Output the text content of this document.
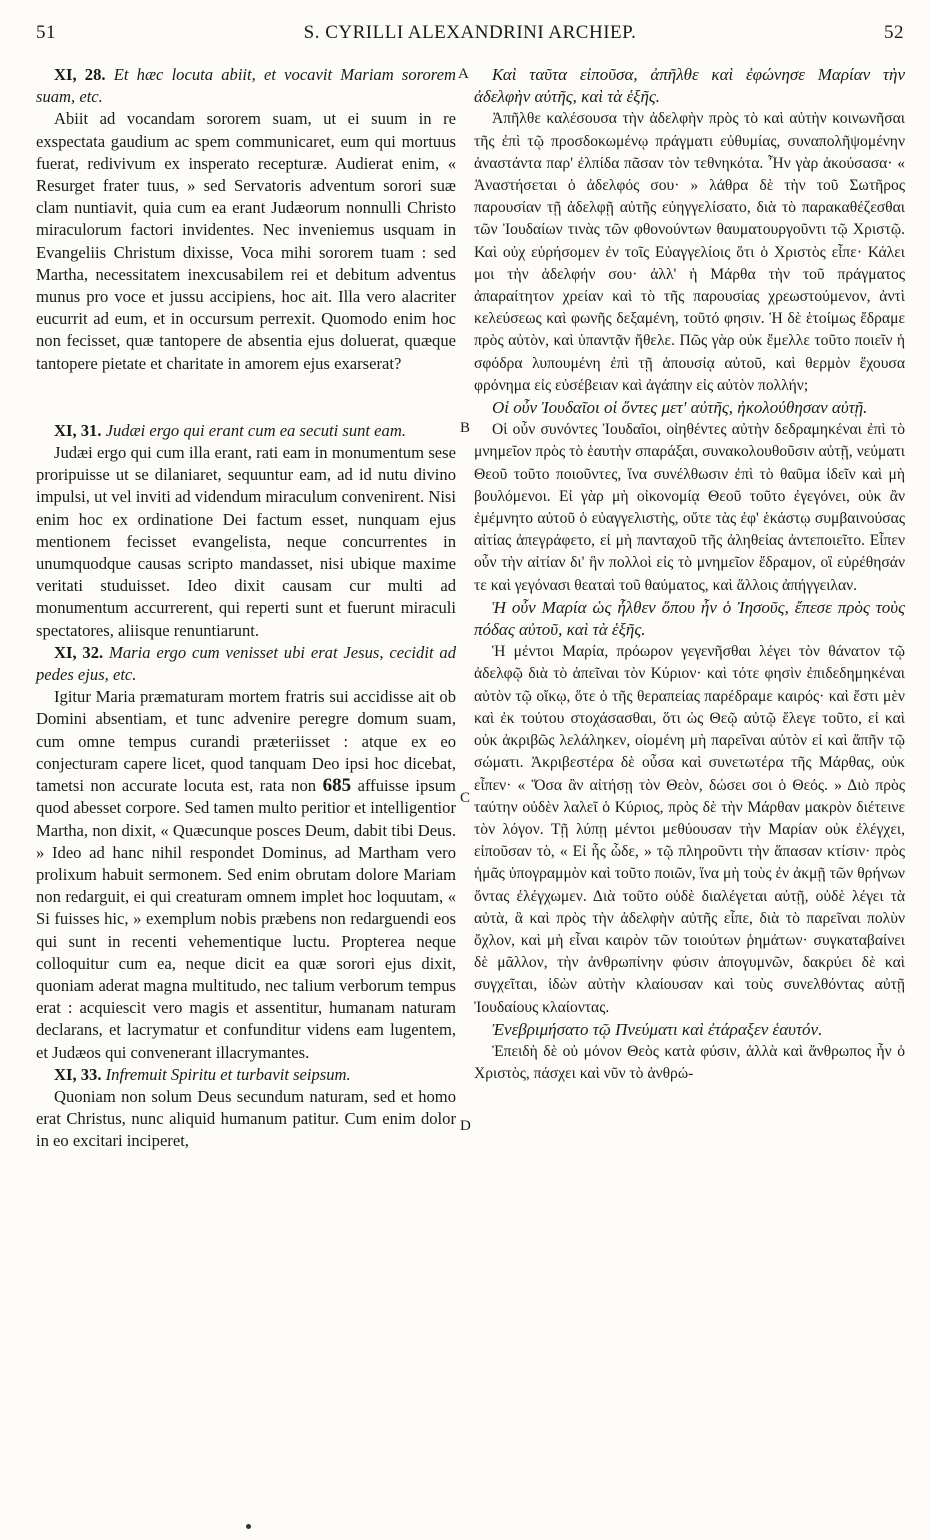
51	S. CYRILLI ALEXANDRINI ARCHIEP.	52
A
B
C
D

XI, 28. Et hæc locuta abiit, et vocavit Mariam sororem suam, etc.

Abiit ad vocandam sororem suam, ut ei suum in re exspectata gaudium ac spem communicaret, eum qui mortuus fuerat, redivivum ex insperato recepturæ. Audierat enim, « Resurget frater tuus, » sed Servatoris adventum sorori suæ clam nuntiavit, quia cum ea erant Judæorum nonnulli Christo miraculorum factori invidentes. Nec inveniemus usquam in Evangeliis Christum dixisse, Voca mihi sororem tuam : sed Martha, necessitatem inexcusabilem rei et debitum adventus munus pro voce et jussu accipiens, hoc ait. Illa vero alacriter eucurrit ad eum, et in occursum perrexit. Quomodo enim hoc non fecisset, quæ tantopere de absentia ejus doluerat, quæque tantopere pietate et charitate in amorem ejus exarserat?

XI, 31. Judæi ergo qui erant cum ea secuti sunt eam.

Judæi ergo qui cum illa erant, rati eam in monumentum sese proripuisse ut se dilaniaret, sequuntur eam, ad id nutu divino impulsi, ut vel inviti ad videndum miraculum convenirent. Nisi enim hoc ex ordinatione Dei factum esset, nunquam ejus mentionem fecisset evangelista, neque concurrentes in unumquodque causas scripto mandasset, nisi ubique maxime veritati studuisset. Ideo dixit causam cur multi ad monumentum accurrerent, qui reperti sunt et fuerunt miraculi spectatores, aliisque renuntiarunt.

XI, 32. Maria ergo cum venisset ubi erat Jesus, cecidit ad pedes ejus, etc.

Igitur Maria præmaturam mortem fratris sui accidisse ait ob Domini absentiam, et tunc advenire peregre domum suam, cum omne tempus curandi præteriisset : atque ex eo conjecturam capere licet, quod tanquam Deo ipsi hoc dicebat, tametsi non accurate locuta est, rata non 685 affuisse ipsum quod abesset corpore. Sed tamen multo peritior et intelligentior Martha, non dixit, « Quæcunque posces Deum, dabit tibi Deus. » Ideo ad hanc nihil respondet Dominus, ad Martham vero prolixum habuit sermonem. Sed enim obrutam dolore Mariam non redarguit, ei qui creaturam omnem implet hoc loquutam, « Si fuisses hic, » exemplum nobis præbens non redarguendi eos qui sunt in recenti vehementique luctu. Propterea neque colloquitur cum ea, neque dicit ea quæ sorori ejus dixit, quoniam aderat magna multitudo, nec talium verborum tempus erat : acquiescit vero magis et assentitur, humanam naturam declarans, et lacrymatur et confunditur videns eam lugentem, et Judæos qui convenerant illacrymantes.

XI, 33. Infremuit Spiritu et turbavit seipsum.

Quoniam non solum Deus secundum naturam, sed et homo erat Christus, nunc aliquid humanum patitur. Cum enim dolor in eo excitari inciperet,

Καὶ ταῦτα εἰποῦσα, ἀπῆλθε καὶ ἐφώνησε Μαρίαν τὴν ἀδελφὴν αὐτῆς, καὶ τὰ ἑξῆς.

Ἀπῆλθε καλέσουσα τὴν ἀδελφὴν πρὸς τὸ καὶ αὐτὴν κοινωνῆσαι τῆς ἐπὶ τῷ προσδοκωμένῳ πράγματι εὐθυμίας, συναπολῆψομένην ἀναστάντα παρ' ἐλπίδα πᾶσαν τὸν τεθνηκότα. Ἦν γὰρ ἀκούσασα· « Ἀναστήσεται ὁ ἀδελφός σου· » λάθρα δὲ τὴν τοῦ Σωτῆρος παρουσίαν τῇ ἀδελφῇ αὐτῆς εὐηγγελίσατο, διὰ τὸ παρακαθέζεσθαι τῶν Ἰουδαίων τινὰς τῶν φθονούντων θαυματουργοῦντι τῷ Χριστῷ. Καὶ οὐχ εὑρήσομεν ἐν τοῖς Εὐαγγελίοις ὅτι ὁ Χριστὸς εἶπε· Κάλει μοι τὴν ἀδελφήν σου· ἀλλ' ἡ Μάρθα τὴν τοῦ πράγματος ἀπαραίτητον χρείαν καὶ τὸ τῆς παρουσίας χρεωστούμενον, ἀντὶ κελεύσεως καὶ φωνῆς δεξαμένη, τοῦτό φησιν. Ἡ δὲ ἑτοίμως ἔδραμε πρὸς αὐτὸν, καὶ ὑπαντᾷν ἤθελε. Πῶς γὰρ οὐκ ἔμελλε τοῦτο ποιεῖν ἡ σφόδρα λυπουμένη ἐπὶ τῇ ἀπουσίᾳ αὐτοῦ, καὶ θερμὸν ἔχουσα φρόνημα εἰς εὐσέβειαν καὶ ἀγάπην εἰς αὐτὸν πολλήν;

Οἱ οὖν Ἰουδαῖοι οἱ ὄντες μετ' αὐτῆς, ἠκολούθησαν αὐτῇ.

Οἱ οὖν συνόντες Ἰουδαῖοι, οἰηθέντες αὐτὴν δεδραμηκέναι ἐπὶ τὸ μνημεῖον πρὸς τὸ ἑαυτὴν σπαράξαι, συνακολουθοῦσιν αὐτῇ, νεύματι Θεοῦ τοῦτο ποιοῦντες, ἵνα συνέλθωσιν ἐπὶ τὸ θαῦμα ἰδεῖν καὶ μὴ βουλόμενοι. Εἰ γὰρ μὴ οἰκονομίᾳ Θεοῦ τοῦτο ἐγεγόνει, οὐκ ἂν ἐμέμνητο αὐτοῦ ὁ εὐαγγελιστὴς, οὔτε τὰς ἐφ' ἑκάστῳ συμβαινούσας αἰτίας ἀπεγράφετο, εἰ μὴ πανταχοῦ τῆς ἀληθείας ἀντεποιεῖτο. Εἶπεν οὖν τὴν αἰτίαν δι' ἣν πολλοὶ εἰς τὸ μνημεῖον ἔδραμον, οἳ εὑρέθησάν τε καὶ γεγόνασι θεαταὶ τοῦ θαύματος, καὶ ἄλλοις ἀπήγγειλαν.

Ἡ οὖν Μαρία ὡς ἦλθεν ὅπου ἦν ὁ Ἰησοῦς, ἔπεσε πρὸς τοὺς πόδας αὐτοῦ, καὶ τὰ ἑξῆς.

Ἡ μέντοι Μαρία, πρόωρον γεγενῆσθαι λέγει τὸν θάνατον τῷ ἀδελφῷ διὰ τὸ ἀπεῖναι τὸν Κύριον· καὶ τότε φησὶν ἐπιδεδημηκέναι αὐτὸν τῷ οἴκῳ, ὅτε ὁ τῆς θεραπείας παρέδραμε καιρός· καὶ ἔστι μὲν καὶ ἐκ τούτου στοχάσασθαι, ὅτι ὡς Θεῷ αὐτῷ ἔλεγε τοῦτο, εἰ καὶ οὐκ ἀκριβῶς λελάληκεν, οἰομένη μὴ παρεῖναι αὐτὸν εἰ καὶ ἄπῆν τῷ σώματι. Ἀκριβεστέρα δὲ οὖσα καὶ συνετωτέρα τῆς Μάρθας, οὐκ εἶπεν· « Ὅσα ἂν αἰτήσῃ τὸν Θεὸν, δώσει σοι ὁ Θεός. » Διὸ πρὸς ταύτην οὐδὲν λαλεῖ ὁ Κύριος, πρὸς δὲ τὴν Μάρθαν μακρὸν διέτεινε τὸν λόγον. Τῇ λύπῃ μέντοι μεθύουσαν τὴν Μαρίαν οὐκ ἐλέγχει, εἰποῦσαν τὸ, « Εἰ ἧς ὧδε, » τῷ πληροῦντι τὴν ἅπασαν κτίσιν· πρὸς ἡμᾶς ὑπογραμμὸν καὶ τοῦτο ποιῶν, ἵνα μὴ τοὺς ἐν ἀκμῇ τῶν θρήνων ὄντας ἐλέγχωμεν. Διὰ τοῦτο οὐδὲ διαλέγεται αὐτῇ, οὐδὲ λέγει τὰ αὐτὰ, ἃ καὶ πρὸς τὴν ἀδελφὴν αὐτῆς εἶπε, διὰ τὸ παρεῖναι πολὺν ὄχλον, καὶ μὴ εἶναι καιρὸν τῶν τοιούτων ῥημάτων· συγκαταβαίνει δὲ μᾶλλον, τὴν ἀνθρωπίνην φύσιν ἀπογυμνῶν, δακρύει δὲ καὶ συγχεῖται, ἰδὼν αὐτὴν κλαίουσαν καὶ τοὺς συνελθόντας αὐτῇ Ἰουδαίους κλαίοντας.

Ἐνεβριμήσατο τῷ Πνεύματι καὶ ἐτάραξεν ἑαυτόν.

Ἐπειδὴ δὲ οὐ μόνον Θεὸς κατὰ φύσιν, ἀλλὰ καὶ ἄνθρωπος ἦν ὁ Χριστὸς, πάσχει καὶ νῦν τὸ ἀνθρώ-
